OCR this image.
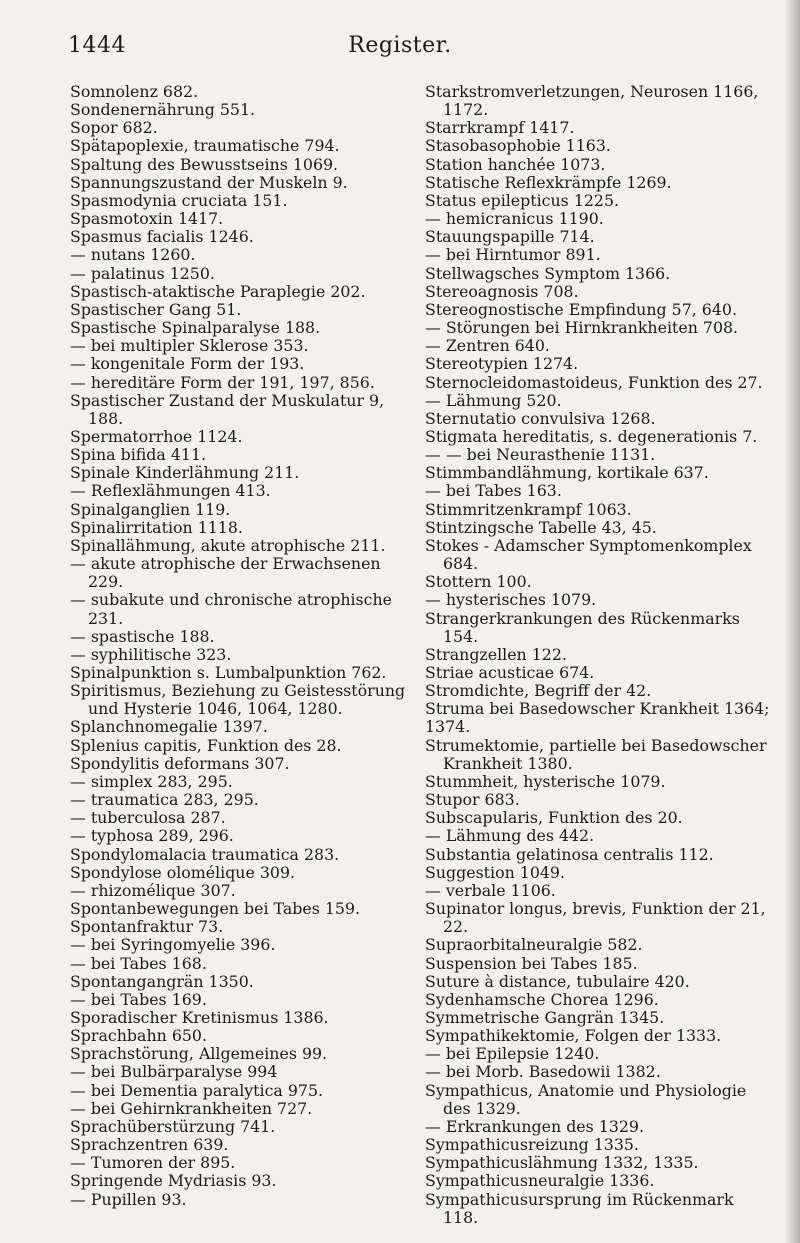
1444	Register.
Somnolenz 682.
Sondenernährung 551.
Sopor 682.
Spätapoplexie, traumatische 794.
Spaltung des Bewusstseins 1069.
Spannungszustand der Muskeln 9.
Spasmodynia cruciata 151.
Spasmotoxin 1417.
Spasmus facialis 1246.
— nutans 1260.
— palatinus 1250.
Spastisch-ataktische Paraplegie 202.
Spastischer Gang 51.
Spastische Spinalparalyse 188.
— bei multipler Sklerose 353.
— kongenitale Form der 193.
— hereditäre Form der 191, 197, 856.
Spastischer Zustand der Muskulatur 9, 188.
Spermatorrhoe 1124.
Spina bifida 411.
Spinale Kinderlähmung 211.
— Reflexlähmungen 413.
Spinalganglien 119.
Spinalirritation 1118.
Spinallähmung, akute atrophische 211.
— akute atrophische der Erwachsenen 229.
— subakute und chronische atrophische 231.
— spastische 188.
— syphilitische 323.
Spinalpunktion s. Lumbalpunktion 762.
Spiritismus, Beziehung zu Geistesstörung und Hysterie 1046, 1064, 1280.
Splanchnomegalie 1397.
Splenius capitis, Funktion des 28.
Spondylitis deformans 307.
— simplex 283, 295.
— traumatica 283, 295.
— tuberculosa 287.
— typhosa 289, 296.
Spondylomalacia traumatica 283.
Spondylose olomélique 309.
— rhizomélique 307.
Spontanbewegungen bei Tabes 159.
Spontanfraktur 73.
— bei Syringomyelie 396.
— bei Tabes 168.
Spontangangrän 1350.
— bei Tabes 169.
Sporadischer Kretinismus 1386.
Sprachbahn 650.
Sprachstörung, Allgemeines 99.
— bei Bulbärparalyse 994
— bei Dementia paralytica 975.
— bei Gehirnkrankheiten 727.
Sprachüberstürzung 741.
Sprachzentren 639.
— Tumoren der 895.
Springende Mydriasis 93.
— Pupillen 93.
Starkstromverletzungen, Neurosen 1166, 1172.
Starrkrampf 1417.
Stasobasophobie 1163.
Station hanchée 1073.
Statische Reflexkrämpfe 1269.
Status epilepticus 1225.
— hemicranicus 1190.
Stauungspapille 714.
— bei Hirntumor 891.
Stellwagsches Symptom 1366.
Stereoagnosis 708.
Stereognostische Empfindung 57, 640.
— Störungen bei Hirnkrankheiten 708.
— Zentren 640.
Stereotypien 1274.
Sternocleidomastoideus, Funktion des 27.
— Lähmung 520.
Sternutatio convulsiva 1268.
Stigmata hereditatis, s. degenerationis 7.
— — bei Neurasthenie 1131.
Stimmbandlähmung, kortikale 637.
— bei Tabes 163.
Stimmritzenkrampf 1063.
Stintzingsche Tabelle 43, 45.
Stokes - Adamscher Symptomenkomplex 684.
Stottern 100.
— hysterisches 1079.
Strangerkrankungen des Rückenmarks 154.
Strangzellen 122.
Striae acusticae 674.
Stromdichte, Begriff der 42.
Struma bei Basedowscher Krankheit 1364;
1374.
Strumektomie, partielle bei Basedowscher Krankheit 1380.
Stummheit, hysterische 1079.
Stupor 683.
Subscapularis, Funktion des 20.
— Lähmung des 442.
Substantia gelatinosa centralis 112.
Suggestion 1049.
— verbale 1106.
Supinator longus, brevis, Funktion der 21, 22.
Supraorbitalneuralgie 582.
Suspension bei Tabes 185.
Suture à distance, tubulaire 420.
Sydenhamsche Chorea 1296.
Symmetrische Gangrän 1345.
Sympathikektomie, Folgen der 1333.
— bei Epilepsie 1240.
— bei Morb. Basedowii 1382.
Sympathicus, Anatomie und Physiologie des 1329.
— Erkrankungen des 1329.
Sympathicusreizung 1335.
Sympathicuslähmung 1332, 1335.
Sympathicusneuralgie 1336.
Sympathicusursprung im Rückenmark 118.
